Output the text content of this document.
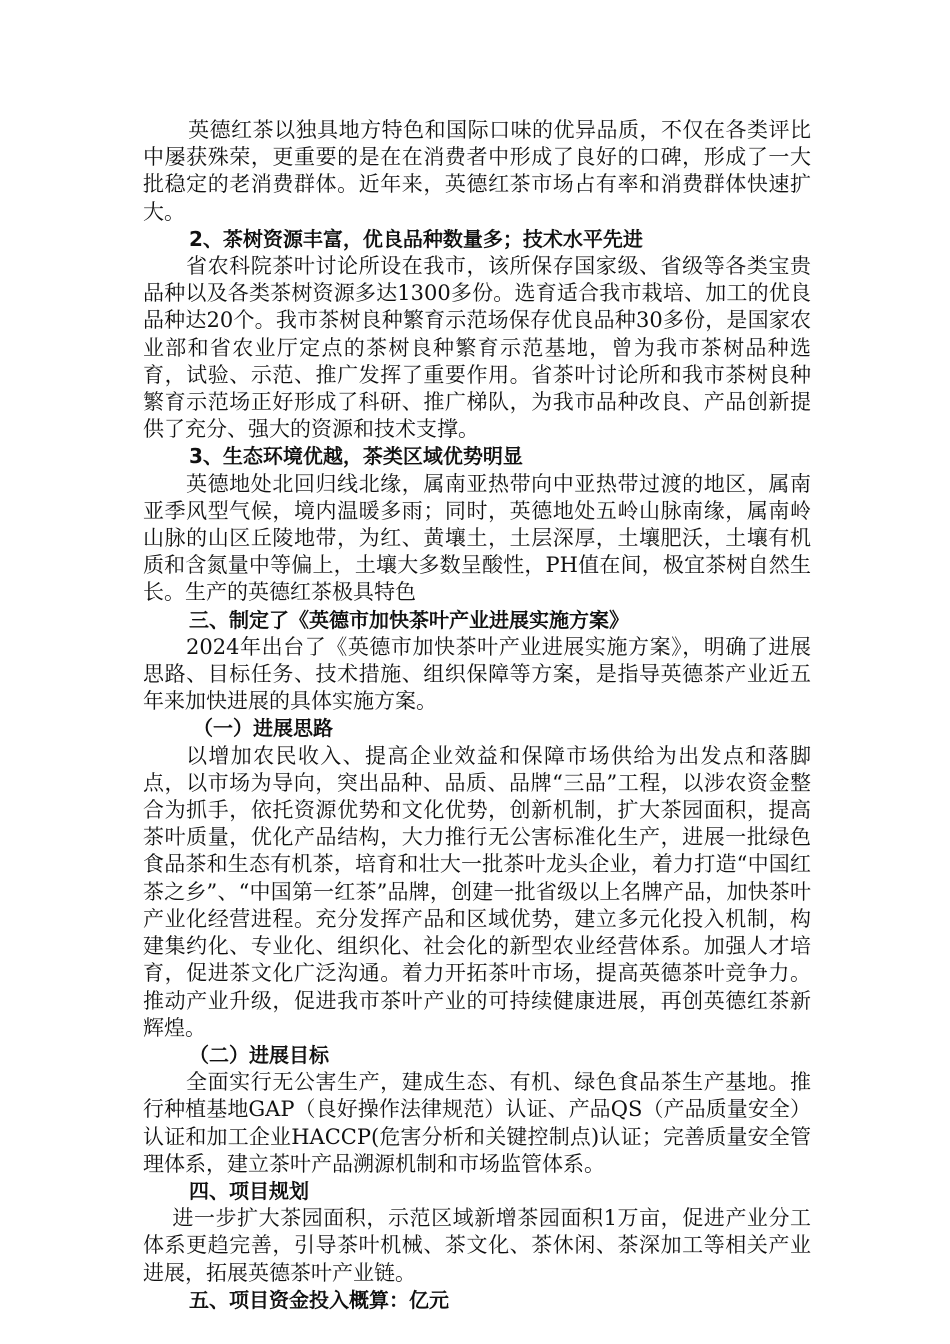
英德红茶以独具地方特色和国际口味的优异品质，不仅在各类评比中屡获殊荣，更重要的是在在消费者中形成了良好的口碑，形成了一大批稳定的老消费群体。近年来，英德红茶市场占有率和消费群体快速扩大。

2、茶树资源丰富，优良品种数量多；技术水平先进

省农科院茶叶讨论所设在我市，该所保存国家级、省级等各类宝贵品种以及各类茶树资源多达1300多份。选育适合我市栽培、加工的优良品种达20个。我市茶树良种繁育示范场保存优良品种30多份，是国家农业部和省农业厅定点的茶树良种繁育示范基地，曾为我市茶树品种选育，试验、示范、推广发挥了重要作用。省茶叶讨论所和我市茶树良种繁育示范场正好形成了科研、推广梯队，为我市品种改良、产品创新提供了充分、强大的资源和技术支撑。

3、生态环境优越，茶类区域优势明显

英德地处北回归线北缘，属南亚热带向中亚热带过渡的地区，属南亚季风型气候，境内温暖多雨；同时，英德地处五岭山脉南缘，属南岭山脉的山区丘陵地带，为红、黄壤土，土层深厚，土壤肥沃，土壤有机质和含氮量中等偏上，土壤大多数呈酸性，PH值在间，极宜茶树自然生长。生产的英德红茶极具特色

三、制定了《英德市加快茶叶产业进展实施方案》

2024年出台了《英德市加快茶叶产业进展实施方案》，明确了进展思路、目标任务、技术措施、组织保障等方案，是指导英德茶产业近五年来加快进展的具体实施方案。

（一）进展思路

以增加农民收入、提高企业效益和保障市场供给为出发点和落脚点，以市场为导向，突出品种、品质、品牌“三品”工程，以涉农资金整合为抓手，依托资源优势和文化优势，创新机制，扩大茶园面积，提高茶叶质量，优化产品结构，大力推行无公害标准化生产，进展一批绿色食品茶和生态有机茶，培育和壮大一批茶叶龙头企业，着力打造“中国红茶之乡”、“中国第一红茶”品牌，创建一批省级以上名牌产品，加快茶叶产业化经营进程。充分发挥产品和区域优势，建立多元化投入机制，构建集约化、专业化、组织化、社会化的新型农业经营体系。加强人才培育，促进茶文化广泛沟通。着力开拓茶叶市场，提高英德茶叶竞争力。推动产业升级，促进我市茶叶产业的可持续健康进展，再创英德红茶新辉煌。

（二）进展目标

全面实行无公害生产，建成生态、有机、绿色食品茶生产基地。推行种植基地GAP（良好操作法律规范）认证、产品QS（产品质量安全）认证和加工企业HACCP(危害分析和关键控制点)认证；完善质量安全管理体系，建立茶叶产品溯源机制和市场监管体系。

四、项目规划

进一步扩大茶园面积，示范区域新增茶园面积1万亩，促进产业分工体系更趋完善，引导茶叶机械、茶文化、茶休闲、茶深加工等相关产业进展，拓展英德茶叶产业链。

五、项目资金投入概算：亿元
